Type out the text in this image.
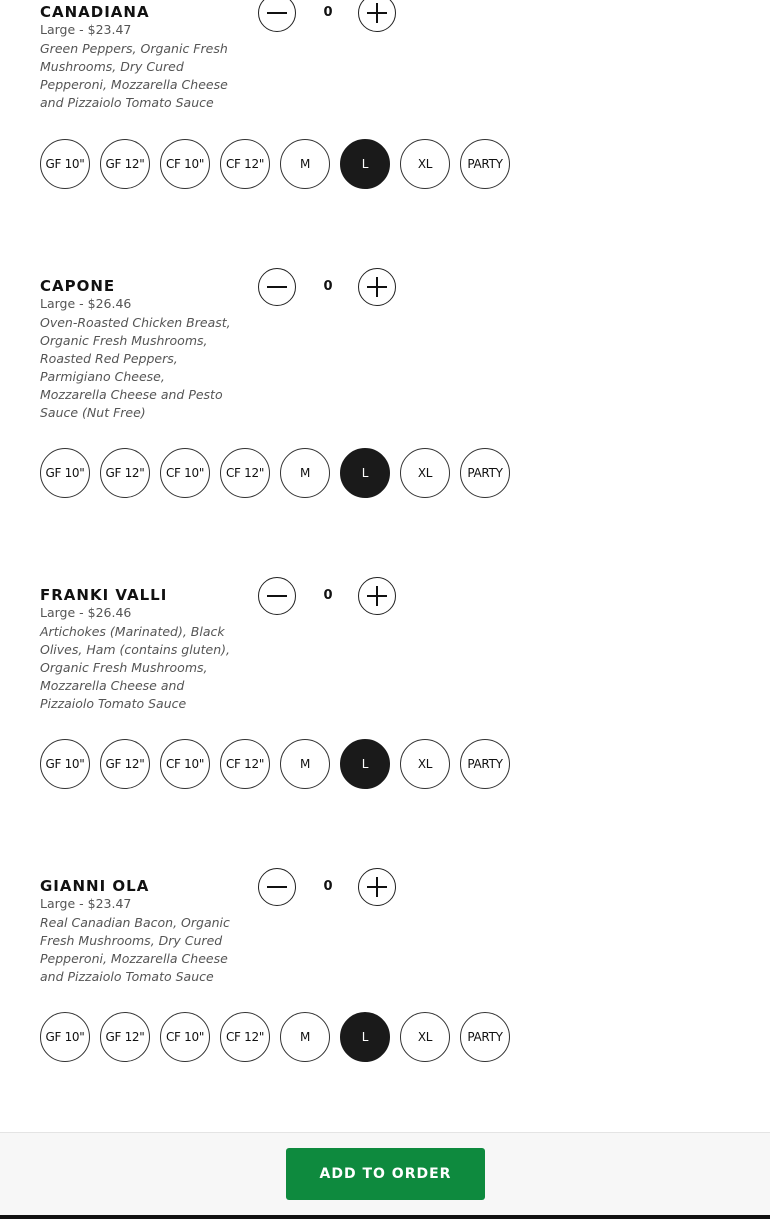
CANADIANA
Large - $23.47
Green Peppers, Organic Fresh Mushrooms, Dry Cured Pepperoni, Mozzarella Cheese and Pizzaiolo Tomato Sauce
0
GF 10"	GF 12"	CF 10"	CF 12"	M	L	XL	PARTY
CAPONE
Large - $26.46
Oven-Roasted Chicken Breast, Organic Fresh Mushrooms, Roasted Red Peppers, Parmigiano Cheese, Mozzarella Cheese and Pesto Sauce (Nut Free)
0
GF 10"	GF 12"	CF 10"	CF 12"	M	L	XL	PARTY
FRANKI VALLI
Large - $26.46
Artichokes (Marinated), Black Olives, Ham (contains gluten), Organic Fresh Mushrooms, Mozzarella Cheese and Pizzaiolo Tomato Sauce
0
GF 10"	GF 12"	CF 10"	CF 12"	M	L	XL	PARTY
GIANNI OLA
Large - $23.47
Real Canadian Bacon, Organic Fresh Mushrooms, Dry Cured Pepperoni, Mozzarella Cheese and Pizzaiolo Tomato Sauce
0
GF 10"	GF 12"	CF 10"	CF 12"	M	L	XL	PARTY
ADD TO ORDER
